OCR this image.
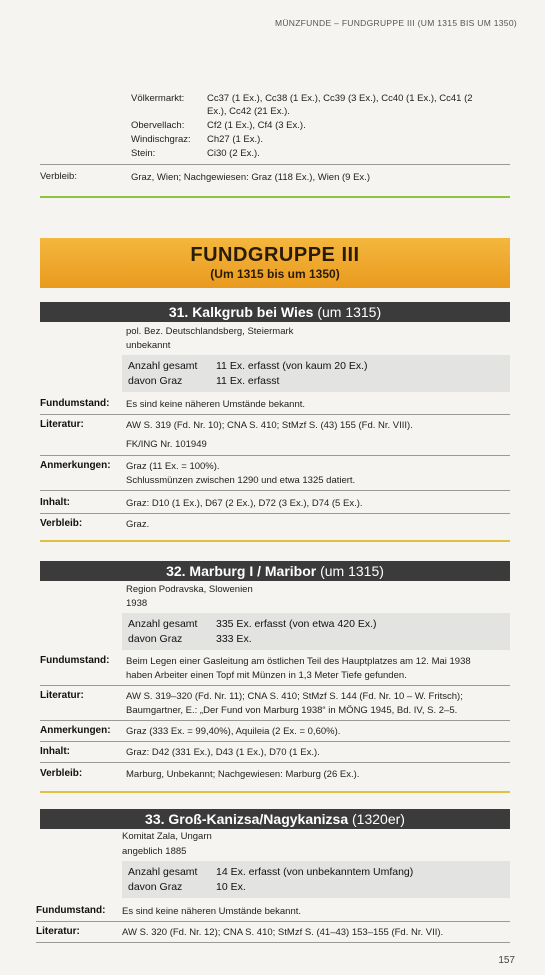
MÜNZFUNDE – FUNDGRUPPE III (UM 1315 BIS UM 1350)
Völkermarkt: Cc37 (1 Ex.), Cc38 (1 Ex.), Cc39 (3 Ex.), Cc40 (1 Ex.), Cc41 (2
Ex.), Cc42 (21 Ex.).
Obervellach: Cf2 (1 Ex.), Cf4 (3 Ex.).
Windischgraz: Ch27 (1 Ex.).
Stein:	Ci30 (2 Ex.).
Verbleib:	Graz, Wien; Nachgewiesen: Graz (118 Ex.), Wien (9 Ex.)
FUNDGRUPPE III
(Um 1315 bis um 1350)
31. Kalkgrub bei Wies (um 1315)
pol. Bez. Deutschlandsberg, Steiermark
unbekannt
Anzahl gesamt 11 Ex. erfasst (von kaum 20 Ex.)
davon Graz	11 Ex. erfasst
Fundumstand: Es sind keine näheren Umstände bekannt.
Literatur:	AW S. 319 (Fd. Nr. 10); CNA S. 410; StMzf S. (43) 155 (Fd. Nr. VIII).
FK/ING Nr. 101949
Anmerkungen: Graz (11 Ex. = 100%).
Schlussmünzen zwischen 1290 und etwa 1325 datiert.
Inhalt:	Graz: D10 (1 Ex.), D67 (2 Ex.), D72 (3 Ex.), D74 (5 Ex.).
Verbleib:	Graz.
32. Marburg I / Maribor (um 1315)
Region Podravska, Slowenien
1938
Anzahl gesamt 335 Ex. erfasst (von etwa 420 Ex.)
davon Graz	333 Ex.
Fundumstand: Beim Legen einer Gasleitung am östlichen Teil des Hauptplatzes am 12. Mai 1938
haben Arbeiter einen Topf mit Münzen in 1,3 Meter Tiefe gefunden.
Literatur:	AW S. 319–320 (Fd. Nr. 11); CNA S. 410; StMzf S. 144 (Fd. Nr. 10 – W. Fritsch);
Baumgartner, E.: „Der Fund von Marburg 1938“ in MÖNG 1945, Bd. IV, S. 2–5.
Anmerkungen: Graz (333 Ex. = 99,40%), Aquileia (2 Ex. = 0,60%).
Inhalt:	Graz: D42 (331 Ex.), D43 (1 Ex.), D70 (1 Ex.).
Verbleib:	Marburg, Unbekannt; Nachgewiesen: Marburg (26 Ex.).
33. Groß-Kanizsa/Nagykanizsa (1320er)
Komitat Zala, Ungarn
angeblich 1885
Anzahl gesamt 14 Ex. erfasst (von unbekanntem Umfang)
davon Graz	10 Ex.
Fundumstand: Es sind keine näheren Umstände bekannt.
Literatur:	AW S. 320 (Fd. Nr. 12); CNA S. 410; StMzf S. (41–43) 153–155 (Fd. Nr. VII).
157
